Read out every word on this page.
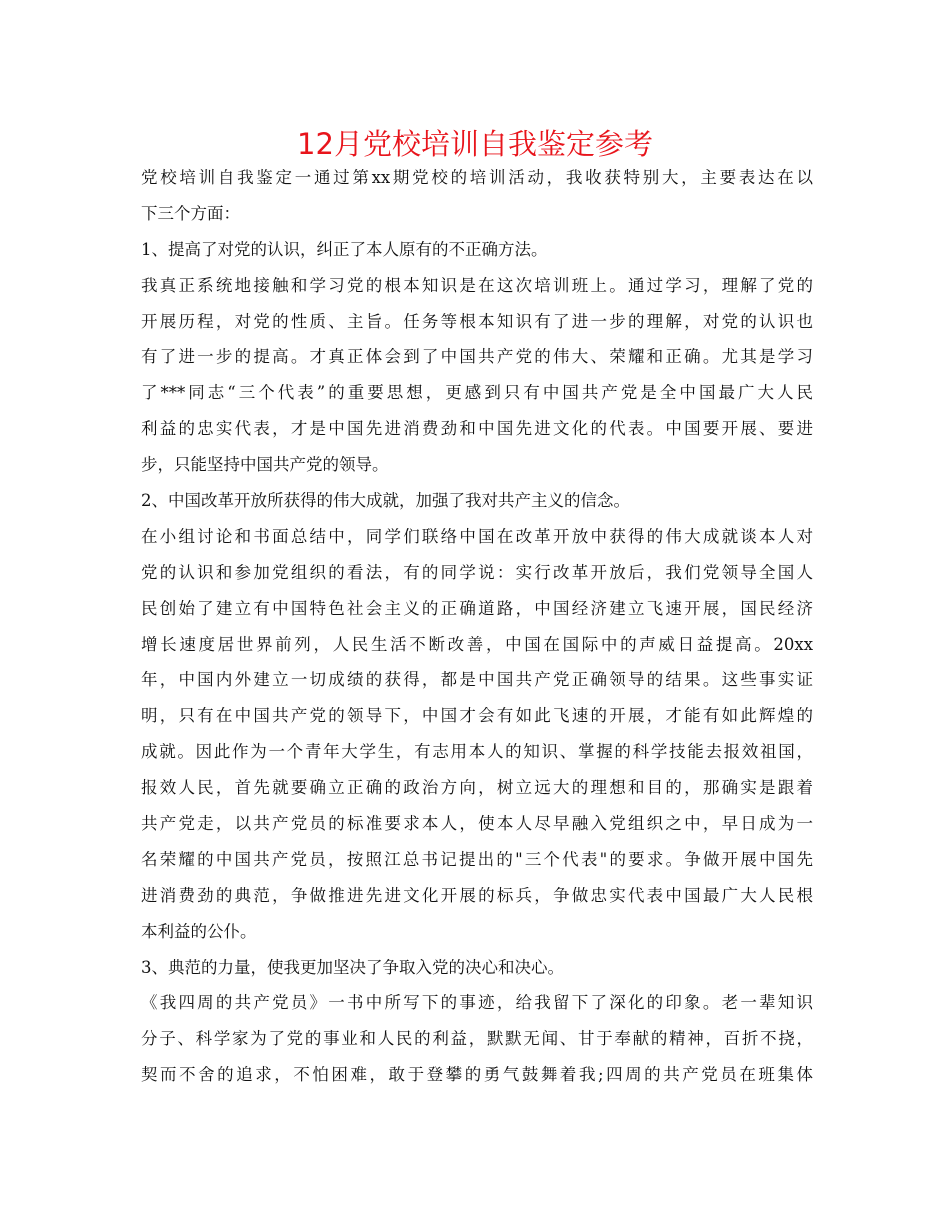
12月党校培训自我鉴定参考
党校培训自我鉴定一通过第xx期党校的培训活动，我收获特别大，主要表达在以
下三个方面：
1、提高了对党的认识，纠正了本人原有的不正确方法。
我真正系统地接触和学习党的根本知识是在这次培训班上。通过学习，理解了党的
开展历程，对党的性质、主旨。任务等根本知识有了进一步的理解，对党的认识也
有了进一步的提高。才真正体会到了中国共产党的伟大、荣耀和正确。尤其是学习
了***同志“三个代表”的重要思想，更感到只有中国共产党是全中国最广大人民
利益的忠实代表，才是中国先进消费劲和中国先进文化的代表。中国要开展、要进
步，只能坚持中国共产党的领导。
2、中国改革开放所获得的伟大成就，加强了我对共产主义的信念。
在小组讨论和书面总结中，同学们联络中国在改革开放中获得的伟大成就谈本人对
党的认识和参加党组织的看法，有的同学说：实行改革开放后，我们党领导全国人
民创始了建立有中国特色社会主义的正确道路，中国经济建立飞速开展，国民经济
增长速度居世界前列，人民生活不断改善，中国在国际中的声威日益提高。20xx
年，中国内外建立一切成绩的获得，都是中国共产党正确领导的结果。这些事实证
明，只有在中国共产党的领导下，中国才会有如此飞速的开展，才能有如此辉煌的
成就。因此作为一个青年大学生，有志用本人的知识、掌握的科学技能去报效祖国，
报效人民，首先就要确立正确的政治方向，树立远大的理想和目的，那确实是跟着
共产党走，以共产党员的标准要求本人，使本人尽早融入党组织之中，早日成为一
名荣耀的中国共产党员，按照江总书记提出的"三个代表"的要求。争做开展中国先
进消费劲的典范，争做推进先进文化开展的标兵，争做忠实代表中国最广大人民根
本利益的公仆。
3、典范的力量，使我更加坚决了争取入党的决心和决心。
《我四周的共产党员》一书中所写下的事迹，给我留下了深化的印象。老一辈知识
分子、科学家为了党的事业和人民的利益，默默无闻、甘于奉献的精神，百折不挠，
契而不舍的追求，不怕困难，敢于登攀的勇气鼓舞着我;四周的共产党员在班集体
